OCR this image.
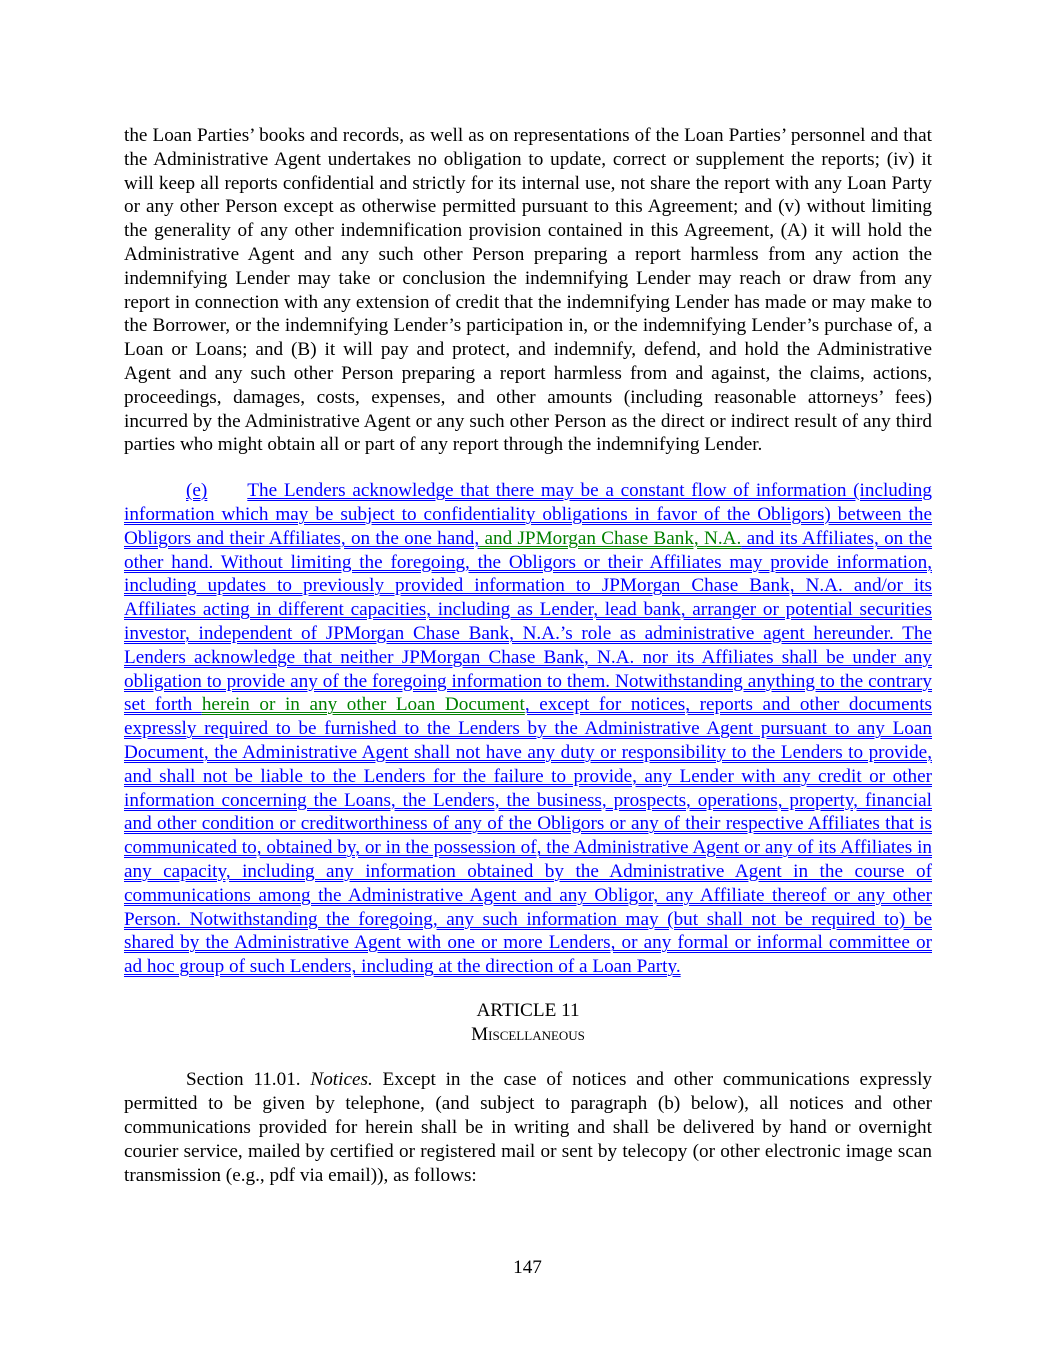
the Loan Parties’ books and records, as well as on representations of the Loan Parties’ personnel and that the Administrative Agent undertakes no obligation to update, correct or supplement the reports; (iv) it will keep all reports confidential and strictly for its internal use, not share the report with any Loan Party or any other Person except as otherwise permitted pursuant to this Agreement; and (v) without limiting the generality of any other indemnification provision contained in this Agreement, (A) it will hold the Administrative Agent and any such other Person preparing a report harmless from any action the indemnifying Lender may take or conclusion the indemnifying Lender may reach or draw from any report in connection with any extension of credit that the indemnifying Lender has made or may make to the Borrower, or the indemnifying Lender’s participation in, or the indemnifying Lender’s purchase of, a Loan or Loans; and (B) it will pay and protect, and indemnify, defend, and hold the Administrative Agent and any such other Person preparing a report harmless from and against, the claims, actions, proceedings, damages, costs, expenses, and other amounts (including reasonable attorneys’ fees) incurred by the Administrative Agent or any such other Person as the direct or indirect result of any third parties who might obtain all or part of any report through the indemnifying Lender.

(e) The Lenders acknowledge that there may be a constant flow of information (including information which may be subject to confidentiality obligations in favor of the Obligors) between the Obligors and their Affiliates, on the one hand, and JPMorgan Chase Bank, N.A. and its Affiliates, on the other hand. Without limiting the foregoing, the Obligors or their Affiliates may provide information, including updates to previously provided information to JPMorgan Chase Bank, N.A. and/or its Affiliates acting in different capacities, including as Lender, lead bank, arranger or potential securities investor, independent of JPMorgan Chase Bank, N.A.’s role as administrative agent hereunder. The Lenders acknowledge that neither JPMorgan Chase Bank, N.A. nor its Affiliates shall be under any obligation to provide any of the foregoing information to them. Notwithstanding anything to the contrary set forth herein or in any other Loan Document, except for notices, reports and other documents expressly required to be furnished to the Lenders by the Administrative Agent pursuant to any Loan Document, the Administrative Agent shall not have any duty or responsibility to the Lenders to provide, and shall not be liable to the Lenders for the failure to provide, any Lender with any credit or other information concerning the Loans, the Lenders, the business, prospects, operations, property, financial and other condition or creditworthiness of any of the Obligors or any of their respective Affiliates that is communicated to, obtained by, or in the possession of, the Administrative Agent or any of its Affiliates in any capacity, including any information obtained by the Administrative Agent in the course of communications among the Administrative Agent and any Obligor, any Affiliate thereof or any other Person. Notwithstanding the foregoing, any such information may (but shall not be required to) be shared by the Administrative Agent with one or more Lenders, or any formal or informal committee or ad hoc group of such Lenders, including at the direction of a Loan Party.

ARTICLE 11
Miscellaneous

Section 11.01. Notices. Except in the case of notices and other communications expressly permitted to be given by telephone, (and subject to paragraph (b) below), all notices and other communications provided for herein shall be in writing and shall be delivered by hand or overnight courier service, mailed by certified or registered mail or sent by telecopy (or other electronic image scan transmission (e.g., pdf via email)), as follows:

147
